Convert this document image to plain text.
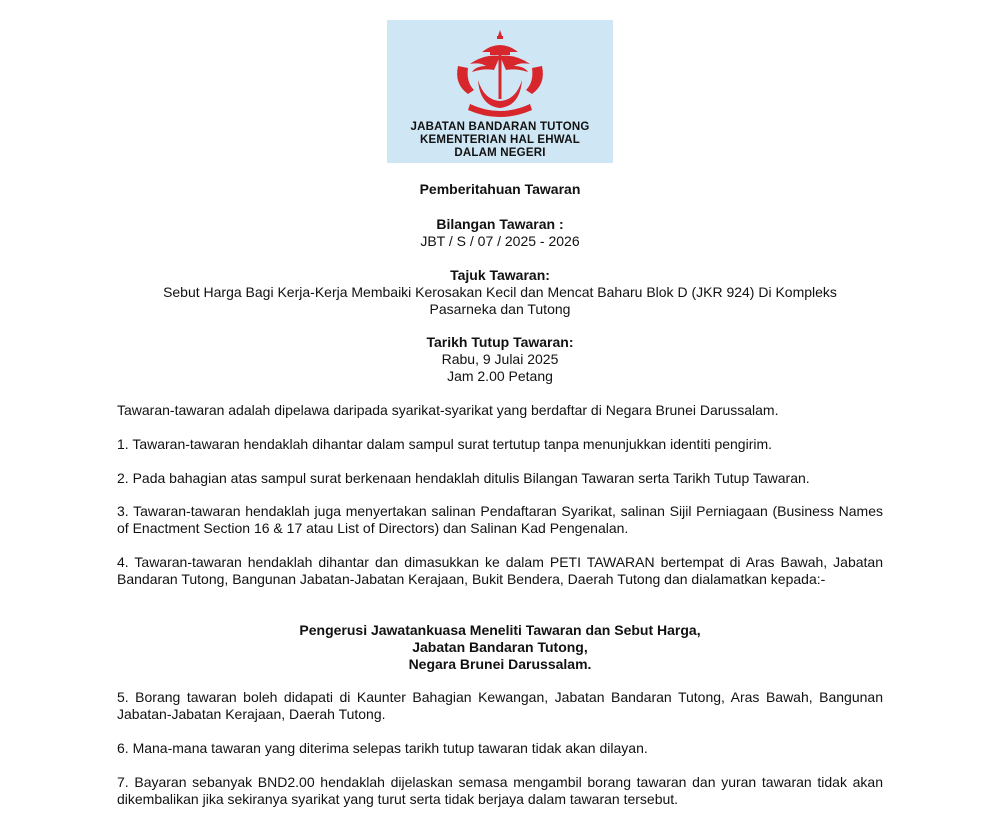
JABATAN BANDARAN TUTONG
KEMENTERIAN HAL EHWAL
DALAM NEGERI
Pemberitahuan Tawaran
Bilangan Tawaran :
JBT / S / 07 / 2025 - 2026
Tajuk Tawaran:
Sebut Harga Bagi Kerja-Kerja Membaiki Kerosakan Kecil dan Mencat Baharu Blok D (JKR 924) Di Kompleks
Pasarneka dan Tutong
Tarikh Tutup Tawaran:
Rabu, 9 Julai 2025
Jam 2.00 Petang
Tawaran-tawaran adalah dipelawa daripada syarikat-syarikat yang berdaftar di Negara Brunei Darussalam.
1. Tawaran-tawaran hendaklah dihantar dalam sampul surat tertutup tanpa menunjukkan identiti pengirim.
2. Pada bahagian atas sampul surat berkenaan hendaklah ditulis Bilangan Tawaran serta Tarikh Tutup Tawaran.
3. Tawaran-tawaran hendaklah juga menyertakan salinan Pendaftaran Syarikat, salinan Sijil Perniagaan (Business Names of Enactment Section 16 & 17 atau List of Directors) dan Salinan Kad Pengenalan.
4. Tawaran-tawaran hendaklah dihantar dan dimasukkan ke dalam PETI TAWARAN bertempat di Aras Bawah, Jabatan Bandaran Tutong, Bangunan Jabatan-Jabatan Kerajaan, Bukit Bendera, Daerah Tutong dan dialamatkan kepada:-
Pengerusi Jawatankuasa Meneliti Tawaran dan Sebut Harga,
Jabatan Bandaran Tutong,
Negara Brunei Darussalam.
5. Borang tawaran boleh didapati di Kaunter Bahagian Kewangan, Jabatan Bandaran Tutong, Aras Bawah, Bangunan Jabatan-Jabatan Kerajaan, Daerah Tutong.
6. Mana-mana tawaran yang diterima selepas tarikh tutup tawaran tidak akan dilayan.
7. Bayaran sebanyak BND2.00 hendaklah dijelaskan semasa mengambil borang tawaran dan yuran tawaran tidak akan dikembalikan jika sekiranya syarikat yang turut serta tidak berjaya dalam tawaran tersebut.
